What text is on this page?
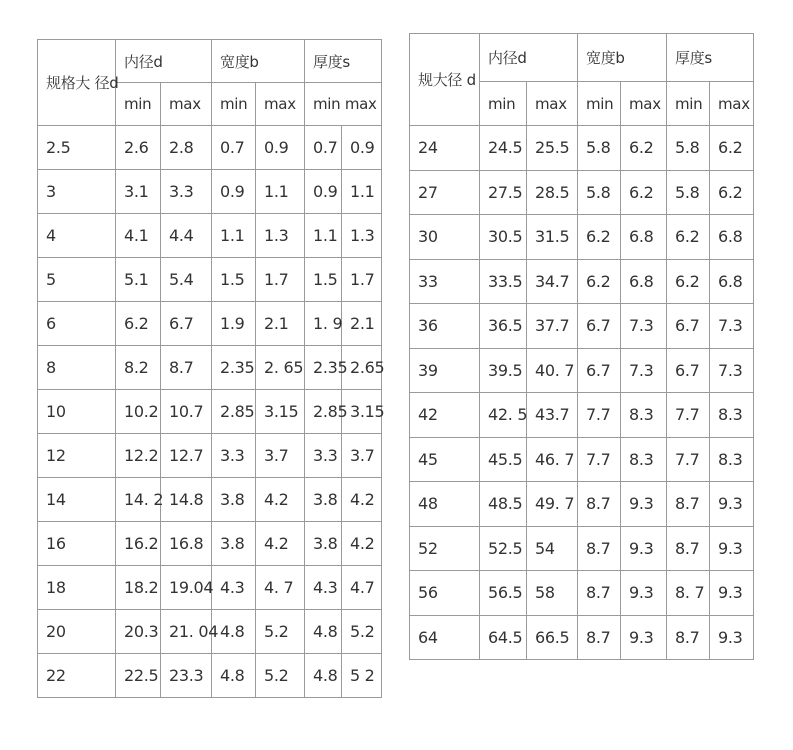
规格大 径d	内径d		宽度b		厚度s	
	min	max	min	max	min max	
2.5	2.6	2.8	0.7	0.9	0.7	0.9
3	3.1	3.3	0.9	1.1	0.9	1.1
4	4.1	4.4	1.1	1.3	1.1	1.3
5	5.1	5.4	1.5	1.7	1.5	1.7
6	6.2	6.7	1.9	2.1	1. 9	2.1
8	8.2	8.7	2.35	2. 65	2.35	2.65
10	10.2	10.7	2.85	3.15	2.85	3.15
12	12.2	12.7	3.3	3.7	3.3	3.7
14	14. 2	14.8	3.8	4.2	3.8	4.2
16	16.2	16.8	3.8	4.2	3.8	4.2
18	18.2	19.04	4.3	4. 7	4.3	4.7
20	20.3	21. 04	4.8	5.2	4.8	5.2
22	22.5	23.3	4.8	5.2	4.8	5 2
规大径 d	内径d		宽度b		厚度s	
	min	max	min	max	min	max
24	24.5	25.5	5.8	6.2	5.8	6.2
27	27.5	28.5	5.8	6.2	5.8	6.2
30	30.5	31.5	6.2	6.8	6.2	6.8
33	33.5	34.7	6.2	6.8	6.2	6.8
36	36.5	37.7	6.7	7.3	6.7	7.3
39	39.5	40. 7	6.7	7.3	6.7	7.3
42	42. 5	43.7	7.7	8.3	7.7	8.3
45	45.5	46. 7	7.7	8.3	7.7	8.3
48	48.5	49. 7	8.7	9.3	8.7	9.3
52	52.5	54	8.7	9.3	8.7	9.3
56	56.5	58	8.7	9.3	8. 7	9.3
64	64.5	66.5	8.7	9.3	8.7	9.3
